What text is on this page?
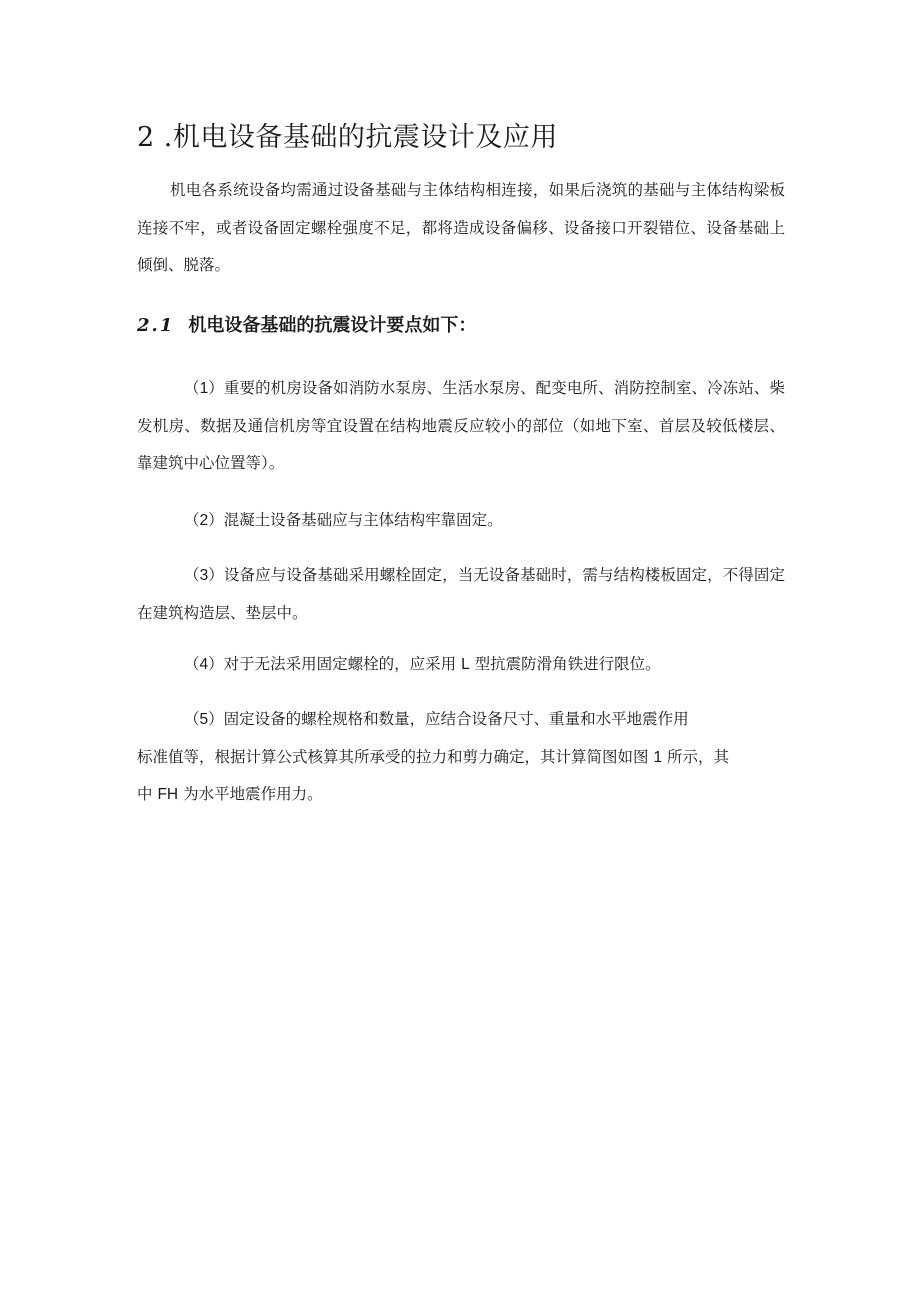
2 .机电设备基础的抗震设计及应用

机电各系统设备均需通过设备基础与主体结构相连接，如果后浇筑的基础与主体结构梁板连接不牢，或者设备固定螺栓强度不足，都将造成设备偏移、设备接口开裂错位、设备基础上倾倒、脱落。

2.1 机电设备基础的抗震设计要点如下：

（1）重要的机房设备如消防水泵房、生活水泵房、配变电所、消防控制室、冷冻站、柴发机房、数据及通信机房等宜设置在结构地震反应较小的部位（如地下室、首层及较低楼层、靠建筑中心位置等）。

（2）混凝土设备基础应与主体结构牢靠固定。

（3）设备应与设备基础采用螺栓固定，当无设备基础时，需与结构楼板固定，不得固定在建筑构造层、垫层中。

（4）对于无法采用固定螺栓的，应采用 L 型抗震防滑角铁进行限位。

（5）固定设备的螺栓规格和数量，应结合设备尺寸、重量和水平地震作用
标准值等，根据计算公式核算其所承受的拉力和剪力确定，其计算简图如图 1 所示，其
中 FH 为水平地震作用力。
